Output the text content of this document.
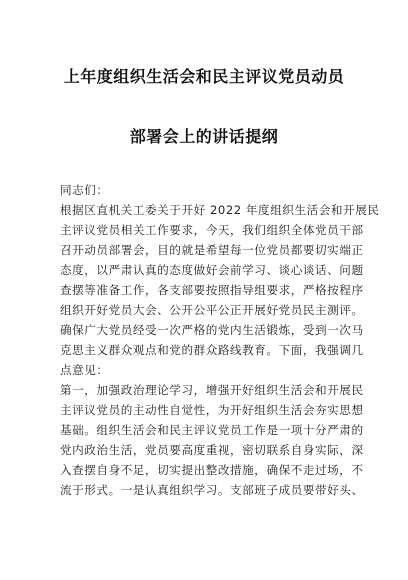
上年度组织生活会和民主评议党员动员
部署会上的讲话提纲
同志们：
根据区直机关工委关于开好 2022 年度组织生活会和开展民
主评议党员相关工作要求，今天，我们组织全体党员干部
召开动员部署会，目的就是希望每一位党员都要切实端正
态度，以严肃认真的态度做好会前学习、谈心谈话、问题
查摆等准备工作，各支部要按照指导组要求，严格按程序
组织开好党员大会、公开公平公正开展好党员民主测评。
确保广大党员经受一次严格的党内生活锻炼，受到一次马
克思主义群众观点和党的群众路线教育。下面，我强调几
点意见：
第一，加强政治理论学习，增强开好组织生活会和开展民
主评议党员的主动性自觉性，为开好组织生活会夯实思想
基础。组织生活会和民主评议党员工作是一项十分严肃的
党内政治生活，党员要高度重视，密切联系自身实际，深
入查摆自身不足，切实提出整改措施，确保不走过场，不
流于形式。一是认真组织学习。支部班子成员要带好头、
